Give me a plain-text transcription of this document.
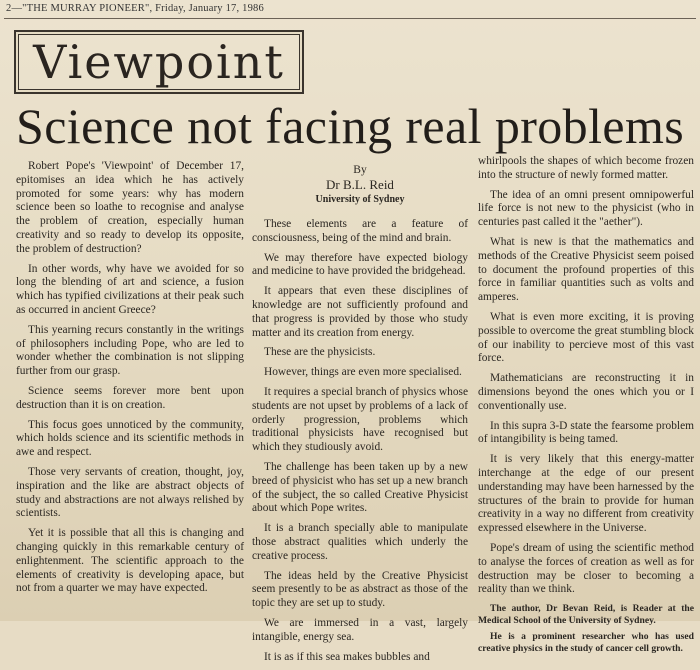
2—"THE MURRAY PIONEER", Friday, January 17, 1986
Viewpoint
Science not facing real problems

Robert Pope's 'Viewpoint' of December 17, epitomises an idea which he has actively promoted for some years: why has modern science been so loathe to recognise and analyse the problem of creation, especially human creativity and so ready to develop its opposite, the problem of destruction?

In other words, why have we avoided for so long the blending of art and science, a fusion which has typified civilizations at their peak such as occurred in ancient Greece?

This yearning recurs constantly in the writings of philosophers including Pope, who are led to wonder whether the combination is not slipping further from our grasp.

Science seems forever more bent upon destruction than it is on creation.

This focus goes unnoticed by the community, which holds science and its scientific methods in awe and respect.

Those very servants of creation, thought, joy, inspiration and the like are abstract objects of study and abstractions are not always relished by scientists.

Yet it is possible that all this is changing and changing quickly in this remarkable century of enlightenment. The scientific approach to the elements of creativity is developing apace, but not from a quarter we may have expected.

By
Dr B.L. Reid
University of Sydney

These elements are a feature of consciousness, being of the mind and brain.

We may therefore have expected biology and medicine to have provided the bridgehead.

It appears that even these disciplines of knowledge are not sufficiently profound and that progress is provided by those who study matter and its creation from energy.

These are the physicists.

However, things are even more specialised.

It requires a special branch of physics whose students are not upset by problems of a lack of orderly progression, problems which traditional physicists have recognised but which they studiously avoid.

The challenge has been taken up by a new breed of physicist who has set up a new branch of the subject, the so called Creative Physicist about which Pope writes.

It is a branch specially able to manipulate those abstract qualities which underly the creative process.

The ideas held by the Creative Physicist seem presently to be as abstract as those of the topic they are set up to study.

We are immersed in a vast, largely intangible, energy sea.

It is as if this sea makes bubbles and

whirlpools the shapes of which become frozen into the structure of newly formed matter.

The idea of an omni present omnipowerful life force is not new to the physicist (who in centuries past called it the "aether").

What is new is that the mathematics and methods of the Creative Physicist seem poised to document the profound properties of this force in familiar quantities such as volts and amperes.

What is even more exciting, it is proving possible to overcome the great stumbling block of our inability to percieve most of this vast force.

Mathematicians are reconstructing it in dimensions beyond the ones which you or I conventionally use.

In this supra 3-D state the fearsome problem of intangibility is being tamed.

It is very likely that this energy-matter interchange at the edge of our present understanding may have been harnessed by the structures of the brain to provide for human creativity in a way no different from creativity expressed elsewhere in the Universe.

Pope's dream of using the scientific method to analyse the forces of creation as well as for destruction may be closer to becoming a reality than we think.

The author, Dr Bevan Reid, is Reader at the Medical School of the University of Sydney.

He is a prominent researcher who has used creative physics in the study of cancer cell growth.
